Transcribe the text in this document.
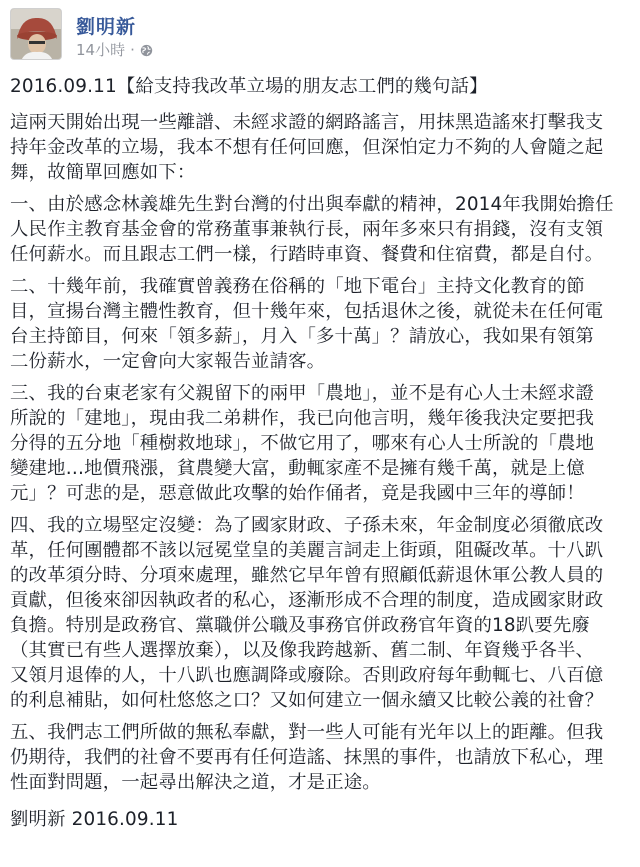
劉明新
14小時 ·
2016.09.11【給支持我改革立場的朋友志工們的幾句話】
這兩天開始出現一些離譜、未經求證的網路謠言，用抹黑造謠來打擊我支
持年金改革的立場，我本不想有任何回應，但深怕定力不夠的人會隨之起
舞，故簡單回應如下：
一、由於感念林義雄先生對台灣的付出與奉獻的精神，2014年我開始擔任
人民作主教育基金會的常務董事兼執行長，兩年多來只有捐錢，沒有支領
任何薪水。而且跟志工們一樣，行踏時車資、餐費和住宿費，都是自付。
二、十幾年前，我確實曾義務在俗稱的「地下電台」主持文化教育的節
目，宣揚台灣主體性教育，但十幾年來，包括退休之後，就從未在任何電
台主持節目，何來「領多薪」，月入「多十萬」？請放心，我如果有領第
二份薪水，一定會向大家報告並請客。
三、我的台東老家有父親留下的兩甲「農地」，並不是有心人士未經求證
所說的「建地」，現由我二弟耕作，我已向他言明，幾年後我決定要把我
分得的五分地「種樹救地球」，不做它用了，哪來有心人士所說的「農地
變建地…地價飛漲，貧農變大富，動輒家產不是擁有幾千萬，就是上億
元」？可悲的是，惡意做此攻擊的始作俑者，竟是我國中三年的導師！
四、我的立場堅定沒變：為了國家財政、子孫未來，年金制度必須徹底改
革，任何團體都不該以冠冕堂皇的美麗言詞走上街頭，阻礙改革。十八趴
的改革須分時、分項來處理，雖然它早年曾有照顧低薪退休軍公教人員的
貢獻，但後來卻因執政者的私心，逐漸形成不合理的制度，造成國家財政
負擔。特別是政務官、黨職併公職及事務官併政務官年資的18趴要先廢
（其實已有些人選擇放棄），以及像我跨越新、舊二制、年資幾乎各半、
又領月退俸的人，十八趴也應調降或廢除。否則政府每年動輒七、八百億
的利息補貼，如何杜悠悠之口？又如何建立一個永續又比較公義的社會？
五、我們志工們所做的無私奉獻，對一些人可能有光年以上的距離。但我
仍期待，我們的社會不要再有任何造謠、抹黑的事件，也請放下私心，理
性面對問題，一起尋出解決之道，才是正途。
劉明新 2016.09.11
